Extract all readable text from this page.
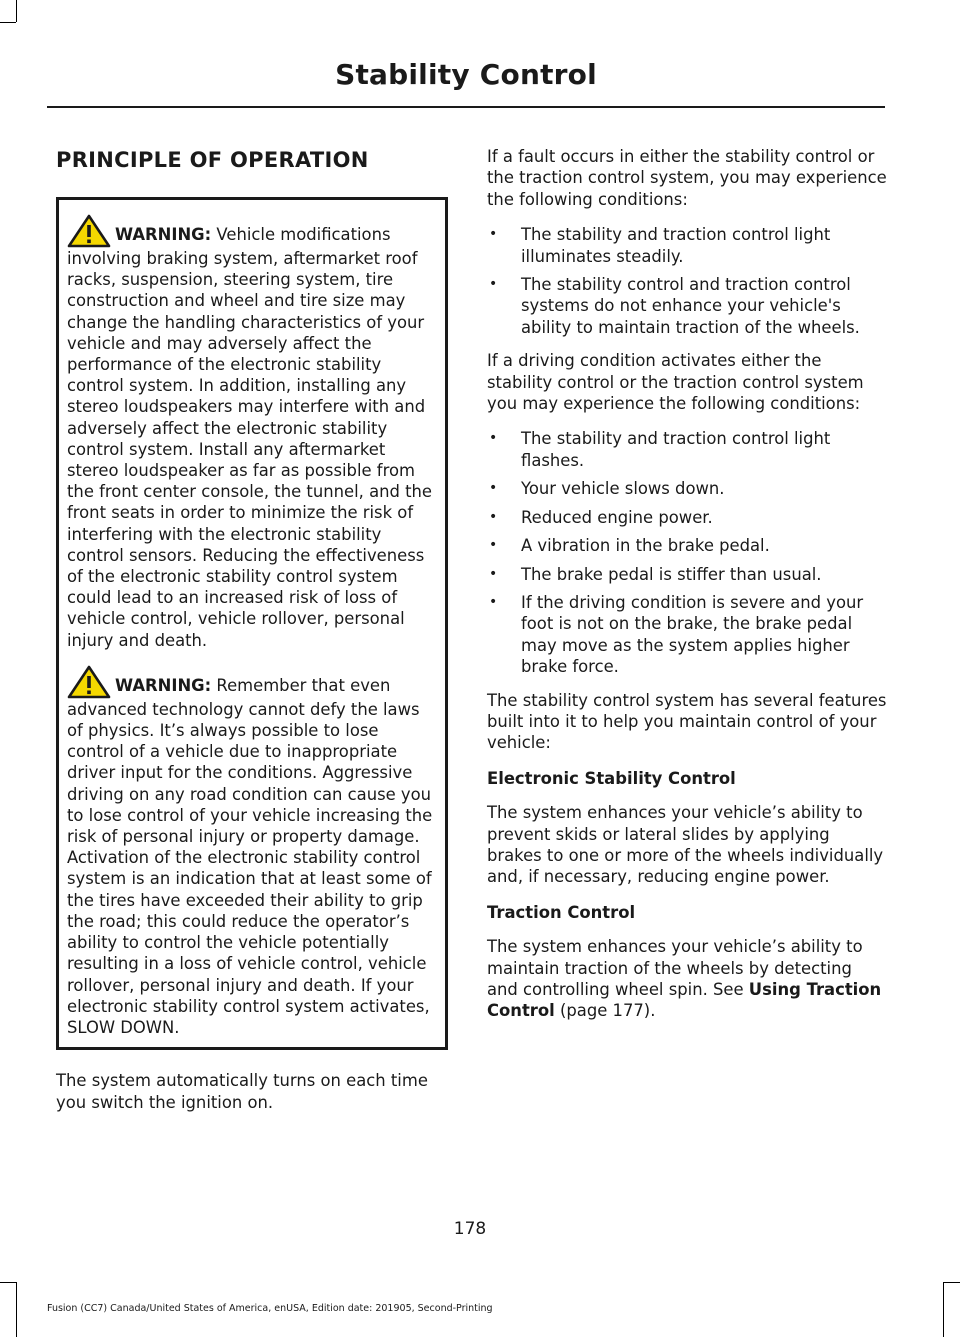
Stability Control
PRINCIPLE OF OPERATION

WARNING: Vehicle modifications involving braking system, aftermarket roof racks, suspension, steering system, tire construction and wheel and tire size may change the handling characteristics of your vehicle and may adversely affect the performance of the electronic stability control system. In addition, installing any stereo loudspeakers may interfere with and adversely affect the electronic stability control system. Install any aftermarket stereo loudspeaker as far as possible from the front center console, the tunnel, and the front seats in order to minimize the risk of interfering with the electronic stability control sensors. Reducing the effectiveness of the electronic stability control system could lead to an increased risk of loss of vehicle control, vehicle rollover, personal injury and death.

WARNING: Remember that even advanced technology cannot defy the laws of physics. It’s always possible to lose control of a vehicle due to inappropriate driver input for the conditions. Aggressive driving on any road condition can cause you to lose control of your vehicle increasing the risk of personal injury or property damage. Activation of the electronic stability control system is an indication that at least some of the tires have exceeded their ability to grip the road; this could reduce the operator’s ability to control the vehicle potentially resulting in a loss of vehicle control, vehicle rollover, personal injury and death. If your electronic stability control system activates, SLOW DOWN.

The system automatically turns on each time you switch the ignition on.

If a fault occurs in either the stability control or the traction control system, you may experience the following conditions:

• The stability and traction control light illuminates steadily.
• The stability control and traction control systems do not enhance your vehicle's ability to maintain traction of the wheels.

If a driving condition activates either the stability control or the traction control system you may experience the following conditions:

• The stability and traction control light flashes.
• Your vehicle slows down.
• Reduced engine power.
• A vibration in the brake pedal.
• The brake pedal is stiffer than usual.
• If the driving condition is severe and your foot is not on the brake, the brake pedal may move as the system applies higher brake force.

The stability control system has several features built into it to help you maintain control of your vehicle:

Electronic Stability Control

The system enhances your vehicle’s ability to prevent skids or lateral slides by applying brakes to one or more of the wheels individually and, if necessary, reducing engine power.

Traction Control

The system enhances your vehicle’s ability to maintain traction of the wheels by detecting and controlling wheel spin. See Using Traction Control (page 177).

178
Fusion (CC7) Canada/United States of America, enUSA, Edition date: 201905, Second-Printing
